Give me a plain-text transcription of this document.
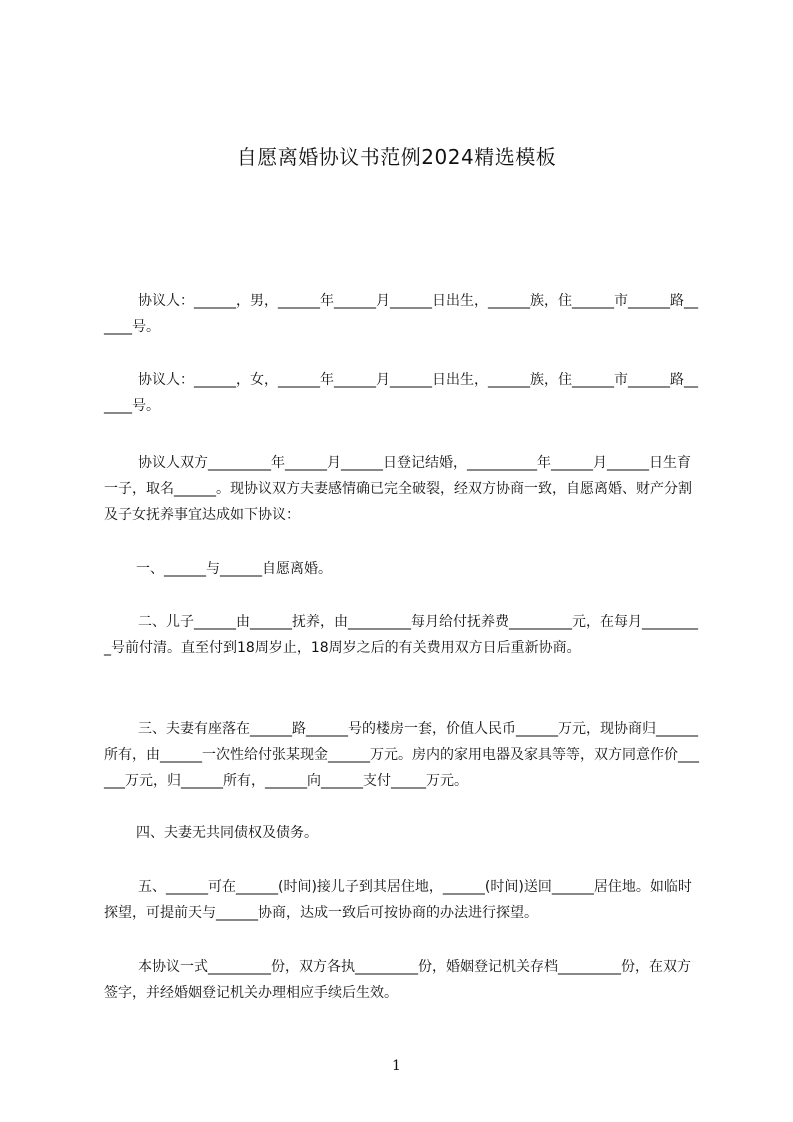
自愿离婚协议书范例2024精选模板

协议人：______，男，______年______月______日出生，______族，住______市______路______号。

协议人：______，女，______年______月______日出生，______族，住______市______路______号。

协议人双方_________年______月______日登记结婚，__________年______月______日生育一子，取名______。现协议双方夫妻感情确已完全破裂，经双方协商一致，自愿离婚、财产分割及子女抚养事宜达成如下协议：

一、______与______自愿离婚。

二、儿子______由______抚养，由_________每月给付抚养费_________元，在每月_________号前付清。直至付到18周岁止，18周岁之后的有关费用双方日后重新协商。

三、夫妻有座落在______路______号的楼房一套，价值人民币______万元，现协商归______所有，由______一次性给付张某现金______万元。房内的家用电器及家具等等，双方同意作价______万元，归______所有，______向______支付_____万元。

四、夫妻无共同债权及债务。

五、______可在______(时间)接儿子到其居住地，______(时间)送回______居住地。如临时探望，可提前天与______协商，达成一致后可按协商的办法进行探望。

本协议一式_________份，双方各执_________份，婚姻登记机关存档_________份，在双方签字，并经婚姻登记机关办理相应手续后生效。

1
